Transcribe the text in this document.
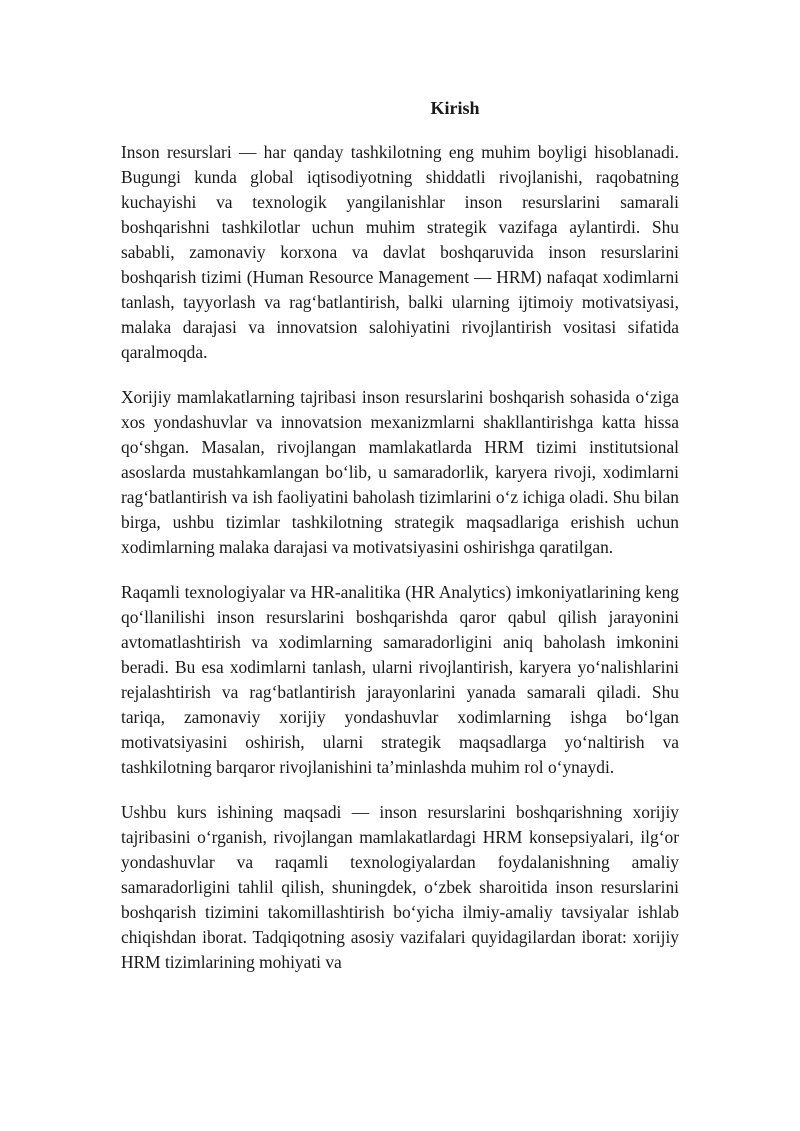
Kirish

Inson resurslari — har qanday tashkilotning eng muhim boyligi hisoblanadi. Bugungi kunda global iqtisodiyotning shiddatli rivojlanishi, raqobatning kuchayishi va texnologik yangilanishlar inson resurslarini samarali boshqarishni tashkilotlar uchun muhim strategik vazifaga aylantirdi. Shu sababli, zamonaviy korxona va davlat boshqaruvida inson resurslarini boshqarish tizimi (Human Resource Management — HRM) nafaqat xodimlarni tanlash, tayyorlash va rag‘batlantirish, balki ularning ijtimoiy motivatsiyasi, malaka darajasi va innovatsion salohiyatini rivojlantirish vositasi sifatida qaralmoqda.

Xorijiy mamlakatlarning tajribasi inson resurslarini boshqarish sohasida o‘ziga xos yondashuvlar va innovatsion mexanizmlarni shakllantirishga katta hissa qo‘shgan. Masalan, rivojlangan mamlakatlarda HRM tizimi institutsional asoslarda mustahkamlangan bo‘lib, u samaradorlik, karyera rivoji, xodimlarni rag‘batlantirish va ish faoliyatini baholash tizimlarini o‘z ichiga oladi. Shu bilan birga, ushbu tizimlar tashkilotning strategik maqsadlariga erishish uchun xodimlarning malaka darajasi va motivatsiyasini oshirishga qaratilgan.

Raqamli texnologiyalar va HR-analitika (HR Analytics) imkoniyatlarining keng qo‘llanilishi inson resurslarini boshqarishda qaror qabul qilish jarayonini avtomatlashtirish va xodimlarning samaradorligini aniq baholash imkonini beradi. Bu esa xodimlarni tanlash, ularni rivojlantirish, karyera yo‘nalishlarini rejalashtirish va rag‘batlantirish jarayonlarini yanada samarali qiladi. Shu tariqa, zamonaviy xorijiy yondashuvlar xodimlarning ishga bo‘lgan motivatsiyasini oshirish, ularni strategik maqsadlarga yo‘naltirish va tashkilotning barqaror rivojlanishini ta’minlashda muhim rol o‘ynaydi.

Ushbu kurs ishining maqsadi — inson resurslarini boshqarishning xorijiy tajribasini o‘rganish, rivojlangan mamlakatlardagi HRM konsepsiyalari, ilg‘or yondashuvlar va raqamli texnologiyalardan foydalanishning amaliy samaradorligini tahlil qilish, shuningdek, o‘zbek sharoitida inson resurslarini boshqarish tizimini takomillashtirish bo‘yicha ilmiy-amaliy tavsiyalar ishlab chiqishdan iborat. Tadqiqotning asosiy vazifalari quyidagilardan iborat: xorijiy HRM tizimlarining mohiyati va
